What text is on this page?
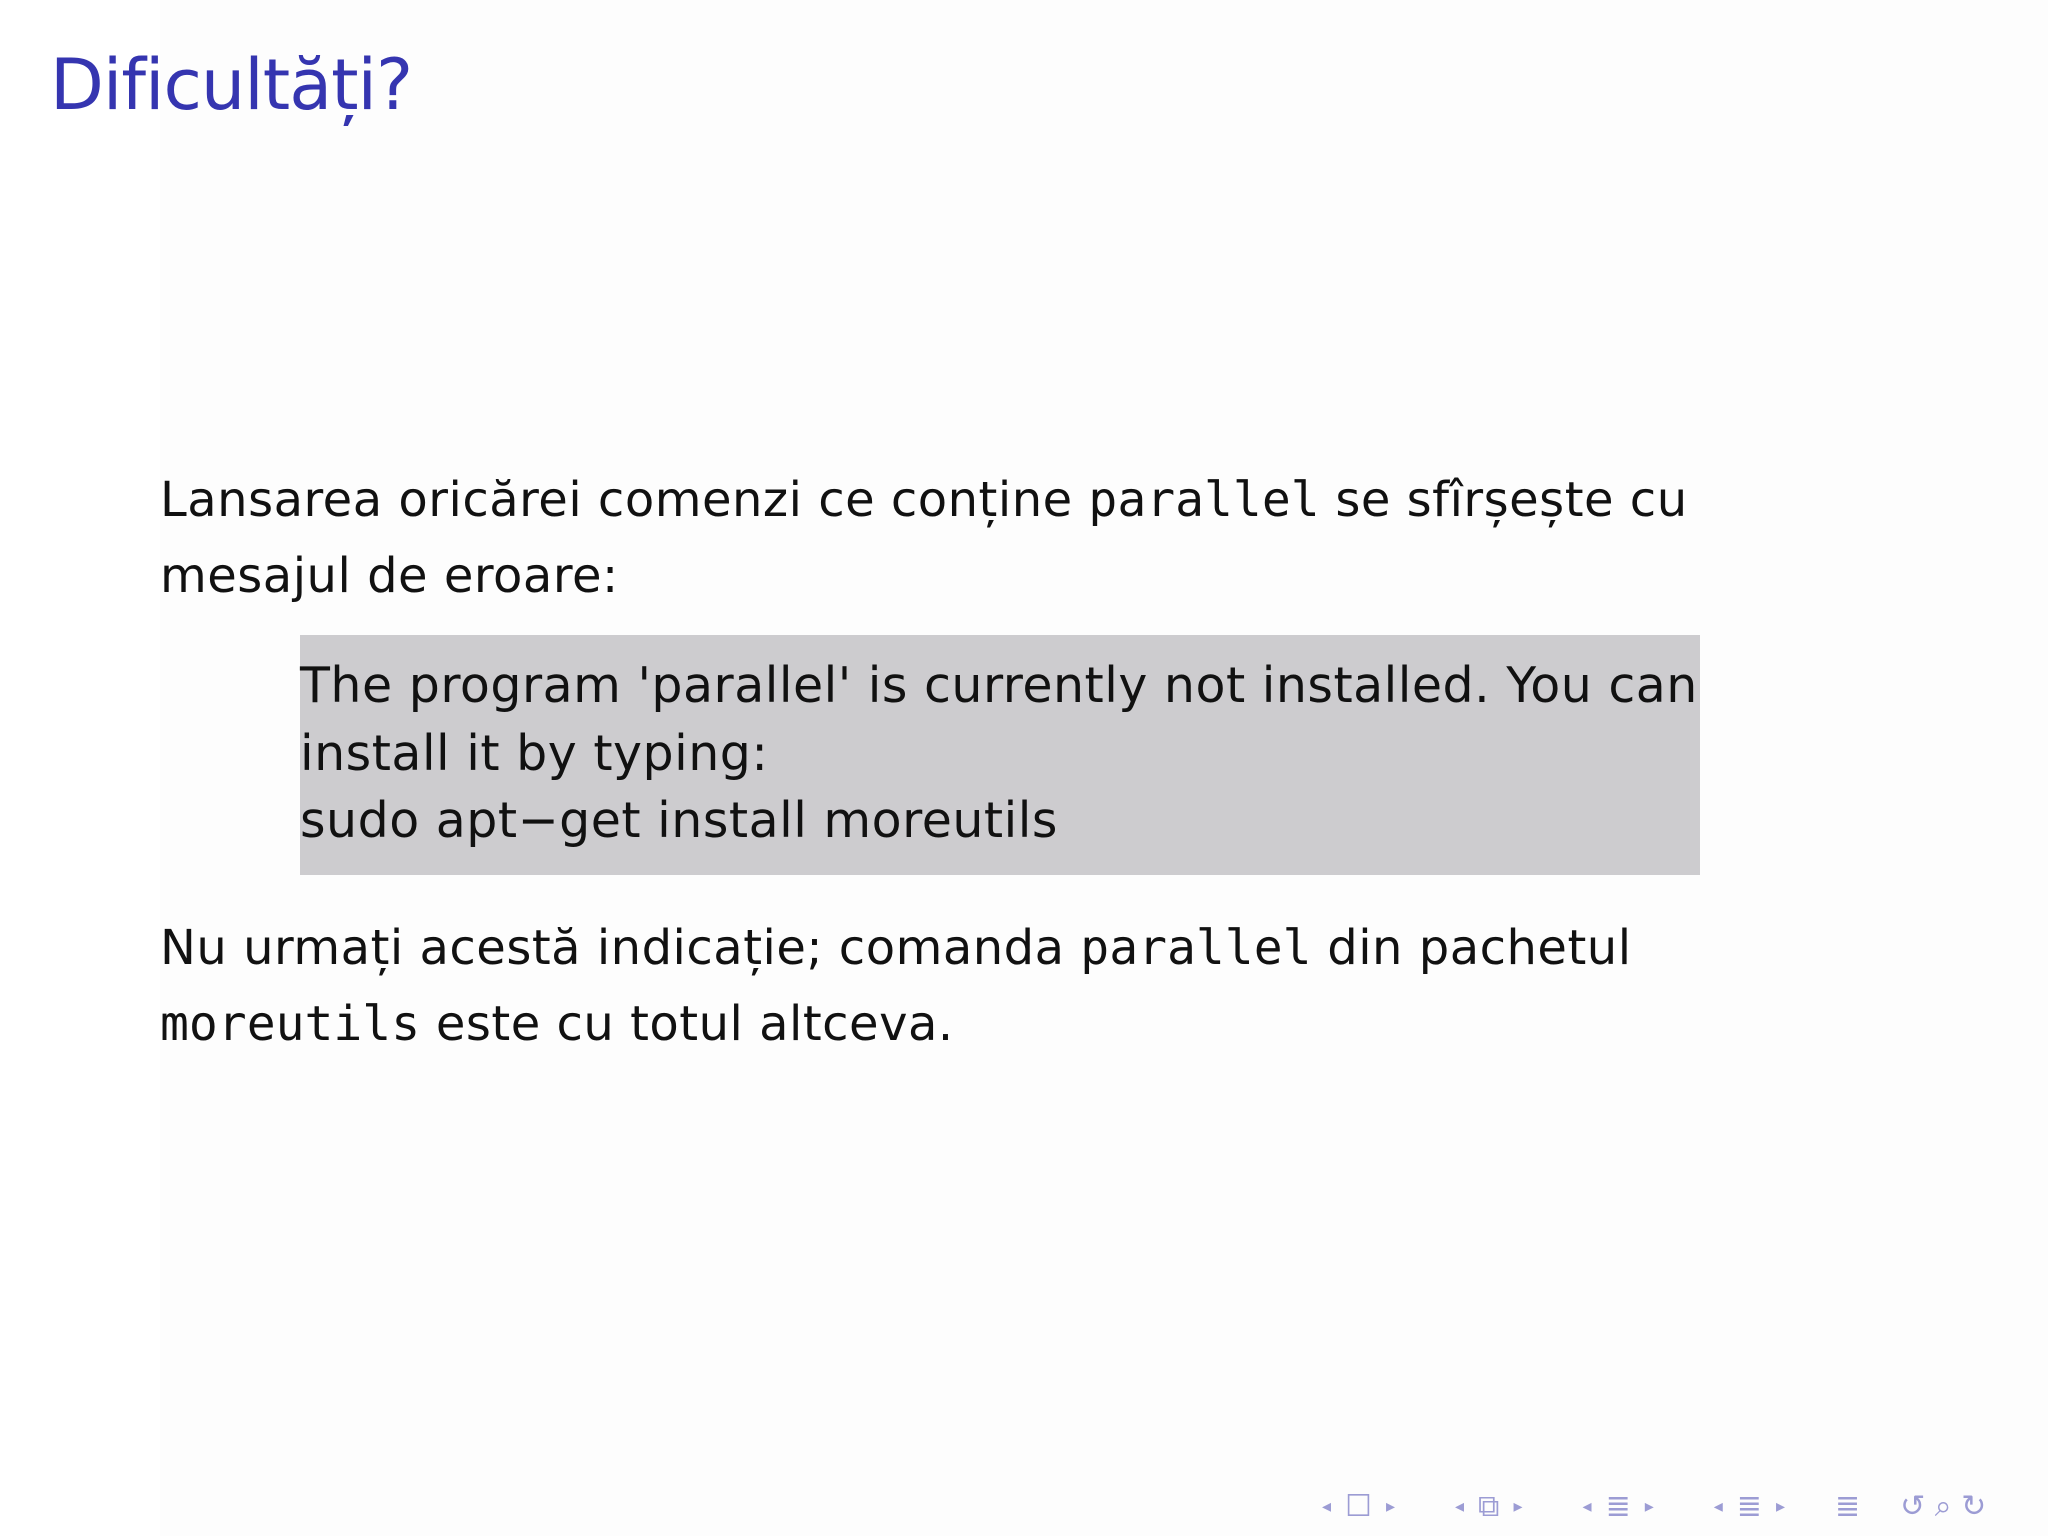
Dificultăți?
Lansarea oricărei comenzi ce conține parallel se sfîrșește cu mesajul de eroare:
The program 'parallel' is currently not installed. You can
install it by typing:
sudo apt−get install moreutils
Nu urmați acestă indicație; comanda parallel din pachetul moreutils este cu totul altceva.
◂ ☐ ▸	◂ ⧉ ▸	◂ ≣ ▸	◂ ≣ ▸ ≣ ↺ ⌕ ↻
